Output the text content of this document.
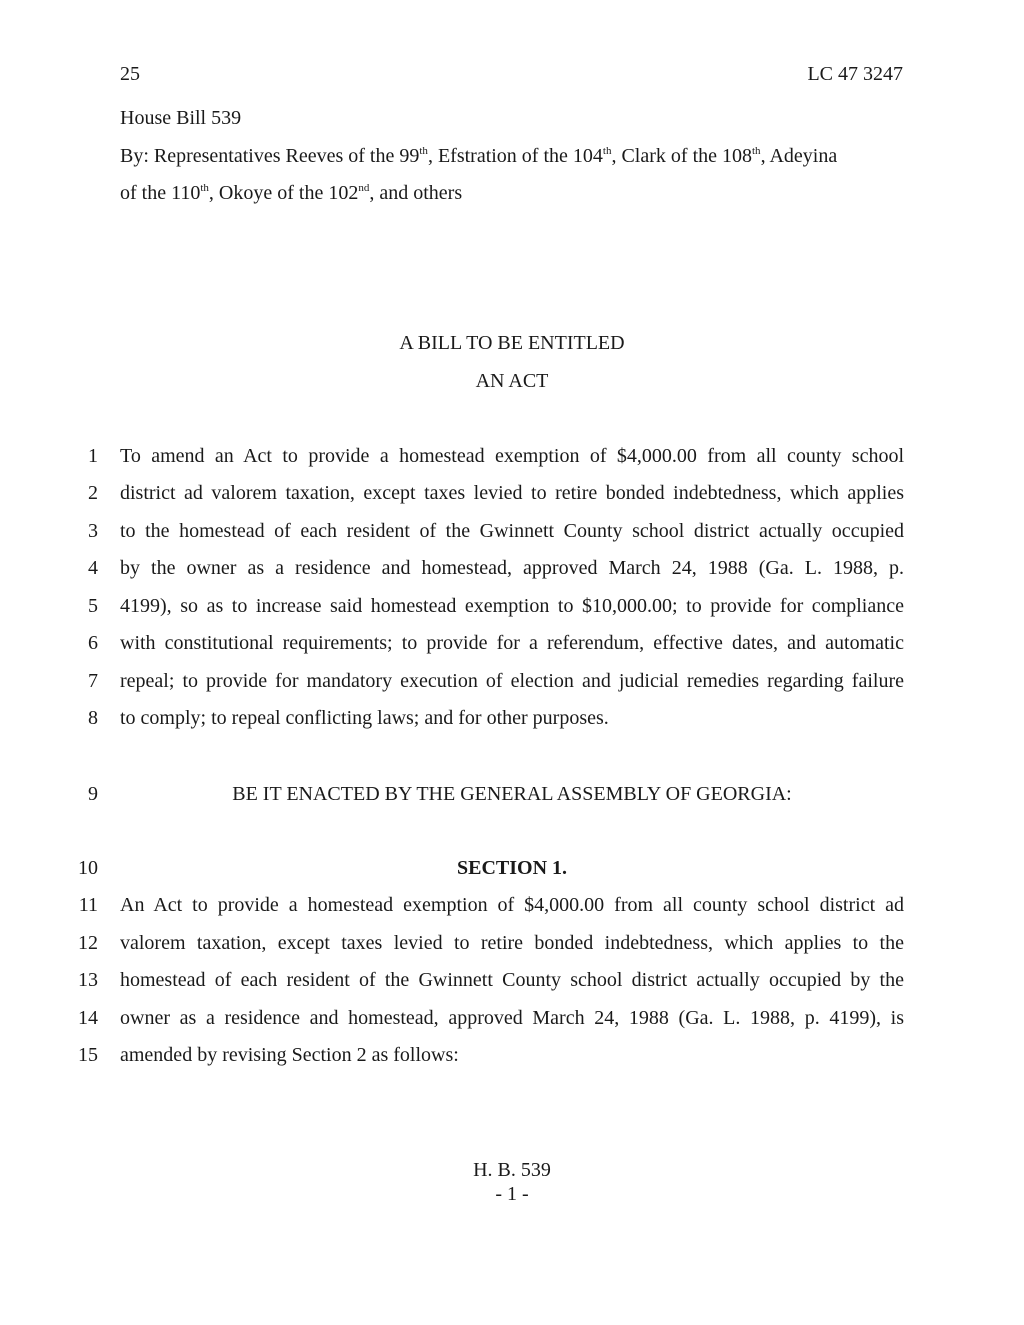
25	LC 47 3247
House Bill 539
By: Representatives Reeves of the 99th, Efstration of the 104th, Clark of the 108th, Adeyina
of the 110th, Okoye of the 102nd, and others
A BILL TO BE ENTITLED
AN ACT
1 To amend an Act to provide a homestead exemption of $4,000.00 from all county school
2 district ad valorem taxation, except taxes levied to retire bonded indebtedness, which applies
3 to the homestead of each resident of the Gwinnett County school district actually occupied
4 by the owner as a residence and homestead, approved March 24, 1988 (Ga. L. 1988, p.
5 4199), so as to increase said homestead exemption to $10,000.00; to provide for compliance
6 with constitutional requirements; to provide for a referendum, effective dates, and automatic
7 repeal; to provide for mandatory execution of election and judicial remedies regarding failure
8 to comply; to repeal conflicting laws; and for other purposes.
9	BE IT ENACTED BY THE GENERAL ASSEMBLY OF GEORGIA:
10	SECTION 1.
11 An Act to provide a homestead exemption of $4,000.00 from all county school district ad
12 valorem taxation, except taxes levied to retire bonded indebtedness, which applies to the
13 homestead of each resident of the Gwinnett County school district actually occupied by the
14 owner as a residence and homestead, approved March 24, 1988 (Ga. L. 1988, p. 4199), is
15 amended by revising Section 2 as follows:
H. B. 539
- 1 -
